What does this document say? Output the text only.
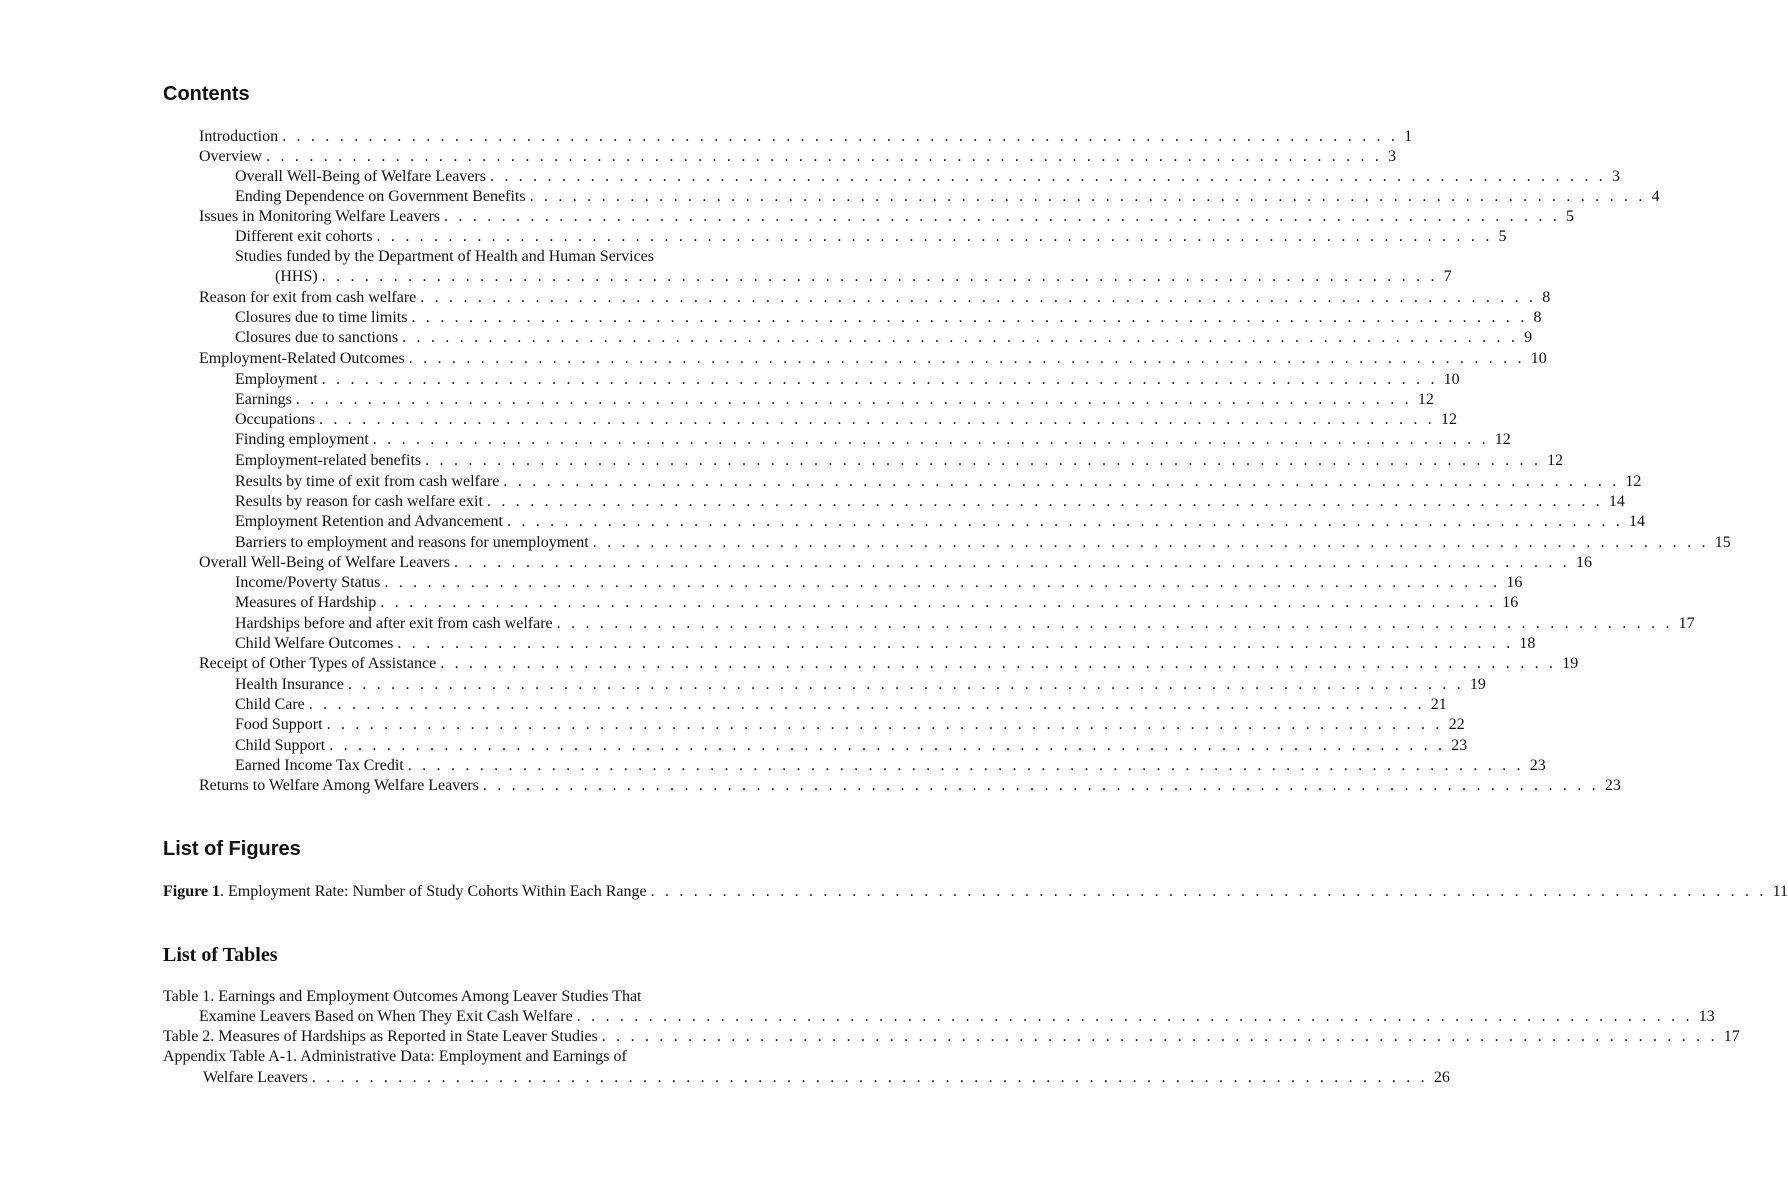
Contents
Introduction . . . . . . . . . . . . . . . . . . . . . . . . . . . . . . . . . . . . . . . . . . . . . . . . . . . . . . . . . . . . . . . . . . . . . . . . . . . . . . 1
Overview . . . . . . . . . . . . . . . . . . . . . . . . . . . . . . . . . . . . . . . . . . . . . . . . . . . . . . . . . . . . . . . . . . . . . . . . . . . . . . 3
Overall Well-Being of Welfare Leavers . . . . . . . . . . . . . . . . . . . . . . . . . . . . . . . . . . . . . . . . . . . . . . . . . . . . . . . . . . . . . . . . . . . . . . . . . . . . . . 3
Ending Dependence on Government Benefits . . . . . . . . . . . . . . . . . . . . . . . . . . . . . . . . . . . . . . . . . . . . . . . . . . . . . . . . . . . . . . . . . . . . . . . . . . . . . . 4
Issues in Monitoring Welfare Leavers . . . . . . . . . . . . . . . . . . . . . . . . . . . . . . . . . . . . . . . . . . . . . . . . . . . . . . . . . . . . . . . . . . . . . . . . . . . . . . 5
Different exit cohorts . . . . . . . . . . . . . . . . . . . . . . . . . . . . . . . . . . . . . . . . . . . . . . . . . . . . . . . . . . . . . . . . . . . . . . . . . . . . . . 5
Studies funded by the Department of Health and Human Services
(HHS) . . . . . . . . . . . . . . . . . . . . . . . . . . . . . . . . . . . . . . . . . . . . . . . . . . . . . . . . . . . . . . . . . . . . . . . . . . . . . . 7
Reason for exit from cash welfare . . . . . . . . . . . . . . . . . . . . . . . . . . . . . . . . . . . . . . . . . . . . . . . . . . . . . . . . . . . . . . . . . . . . . . . . . . . . . . 8
Closures due to time limits . . . . . . . . . . . . . . . . . . . . . . . . . . . . . . . . . . . . . . . . . . . . . . . . . . . . . . . . . . . . . . . . . . . . . . . . . . . . . . 8
Closures due to sanctions . . . . . . . . . . . . . . . . . . . . . . . . . . . . . . . . . . . . . . . . . . . . . . . . . . . . . . . . . . . . . . . . . . . . . . . . . . . . . . 9
Employment-Related Outcomes . . . . . . . . . . . . . . . . . . . . . . . . . . . . . . . . . . . . . . . . . . . . . . . . . . . . . . . . . . . . . . . . . . . . . . . . . . . . . . 10
Employment . . . . . . . . . . . . . . . . . . . . . . . . . . . . . . . . . . . . . . . . . . . . . . . . . . . . . . . . . . . . . . . . . . . . . . . . . . . . . . 10
Earnings . . . . . . . . . . . . . . . . . . . . . . . . . . . . . . . . . . . . . . . . . . . . . . . . . . . . . . . . . . . . . . . . . . . . . . . . . . . . . . 12
Occupations . . . . . . . . . . . . . . . . . . . . . . . . . . . . . . . . . . . . . . . . . . . . . . . . . . . . . . . . . . . . . . . . . . . . . . . . . . . . . . 12
Finding employment . . . . . . . . . . . . . . . . . . . . . . . . . . . . . . . . . . . . . . . . . . . . . . . . . . . . . . . . . . . . . . . . . . . . . . . . . . . . . . 12
Employment-related benefits . . . . . . . . . . . . . . . . . . . . . . . . . . . . . . . . . . . . . . . . . . . . . . . . . . . . . . . . . . . . . . . . . . . . . . . . . . . . . . 12
Results by time of exit from cash welfare . . . . . . . . . . . . . . . . . . . . . . . . . . . . . . . . . . . . . . . . . . . . . . . . . . . . . . . . . . . . . . . . . . . . . . . . . . . . . . 12
Results by reason for cash welfare exit . . . . . . . . . . . . . . . . . . . . . . . . . . . . . . . . . . . . . . . . . . . . . . . . . . . . . . . . . . . . . . . . . . . . . . . . . . . . . . 14
Employment Retention and Advancement . . . . . . . . . . . . . . . . . . . . . . . . . . . . . . . . . . . . . . . . . . . . . . . . . . . . . . . . . . . . . . . . . . . . . . . . . . . . . . 14
Barriers to employment and reasons for unemployment . . . . . . . . . . . . . . . . . . . . . . . . . . . . . . . . . . . . . . . . . . . . . . . . . . . . . . . . . . . . . . . . . . . . . . . . . . . . . . 15
Overall Well-Being of Welfare Leavers . . . . . . . . . . . . . . . . . . . . . . . . . . . . . . . . . . . . . . . . . . . . . . . . . . . . . . . . . . . . . . . . . . . . . . . . . . . . . . 16
Income/Poverty Status . . . . . . . . . . . . . . . . . . . . . . . . . . . . . . . . . . . . . . . . . . . . . . . . . . . . . . . . . . . . . . . . . . . . . . . . . . . . . . 16
Measures of Hardship . . . . . . . . . . . . . . . . . . . . . . . . . . . . . . . . . . . . . . . . . . . . . . . . . . . . . . . . . . . . . . . . . . . . . . . . . . . . . . 16
Hardships before and after exit from cash welfare . . . . . . . . . . . . . . . . . . . . . . . . . . . . . . . . . . . . . . . . . . . . . . . . . . . . . . . . . . . . . . . . . . . . . . . . . . . . . . 17
Child Welfare Outcomes . . . . . . . . . . . . . . . . . . . . . . . . . . . . . . . . . . . . . . . . . . . . . . . . . . . . . . . . . . . . . . . . . . . . . . . . . . . . . . 18
Receipt of Other Types of Assistance . . . . . . . . . . . . . . . . . . . . . . . . . . . . . . . . . . . . . . . . . . . . . . . . . . . . . . . . . . . . . . . . . . . . . . . . . . . . . . 19
Health Insurance . . . . . . . . . . . . . . . . . . . . . . . . . . . . . . . . . . . . . . . . . . . . . . . . . . . . . . . . . . . . . . . . . . . . . . . . . . . . . . 19
Child Care . . . . . . . . . . . . . . . . . . . . . . . . . . . . . . . . . . . . . . . . . . . . . . . . . . . . . . . . . . . . . . . . . . . . . . . . . . . . . . 21
Food Support . . . . . . . . . . . . . . . . . . . . . . . . . . . . . . . . . . . . . . . . . . . . . . . . . . . . . . . . . . . . . . . . . . . . . . . . . . . . . . 22
Child Support . . . . . . . . . . . . . . . . . . . . . . . . . . . . . . . . . . . . . . . . . . . . . . . . . . . . . . . . . . . . . . . . . . . . . . . . . . . . . . 23
Earned Income Tax Credit . . . . . . . . . . . . . . . . . . . . . . . . . . . . . . . . . . . . . . . . . . . . . . . . . . . . . . . . . . . . . . . . . . . . . . . . . . . . . . 23
Returns to Welfare Among Welfare Leavers . . . . . . . . . . . . . . . . . . . . . . . . . . . . . . . . . . . . . . . . . . . . . . . . . . . . . . . . . . . . . . . . . . . . . . . . . . . . . . 23
List of Figures
Figure 1. Employment Rate: Number of Study Cohorts Within Each Range . . . . . . . . . . . . . . . . . . . . . . . . . . . . . . . . . . . . . . . . . . . . . . . . . . . . . . . . . . . . . . . . . . . . . . . . . . . . . . 11
List of Tables
Table 1. Earnings and Employment Outcomes Among Leaver Studies That
Examine Leavers Based on When They Exit Cash Welfare . . . . . . . . . . . . . . . . . . . . . . . . . . . . . . . . . . . . . . . . . . . . . . . . . . . . . . . . . . . . . . . . . . . . . . . . . . . . . . 13
Table 2. Measures of Hardships as Reported in State Leaver Studies . . . . . . . . . . . . . . . . . . . . . . . . . . . . . . . . . . . . . . . . . . . . . . . . . . . . . . . . . . . . . . . . . . . . . . . . . . . . . . 17
Appendix Table A-1. Administrative Data: Employment and Earnings of
Welfare Leavers . . . . . . . . . . . . . . . . . . . . . . . . . . . . . . . . . . . . . . . . . . . . . . . . . . . . . . . . . . . . . . . . . . . . . . . . . . . . . . 26
